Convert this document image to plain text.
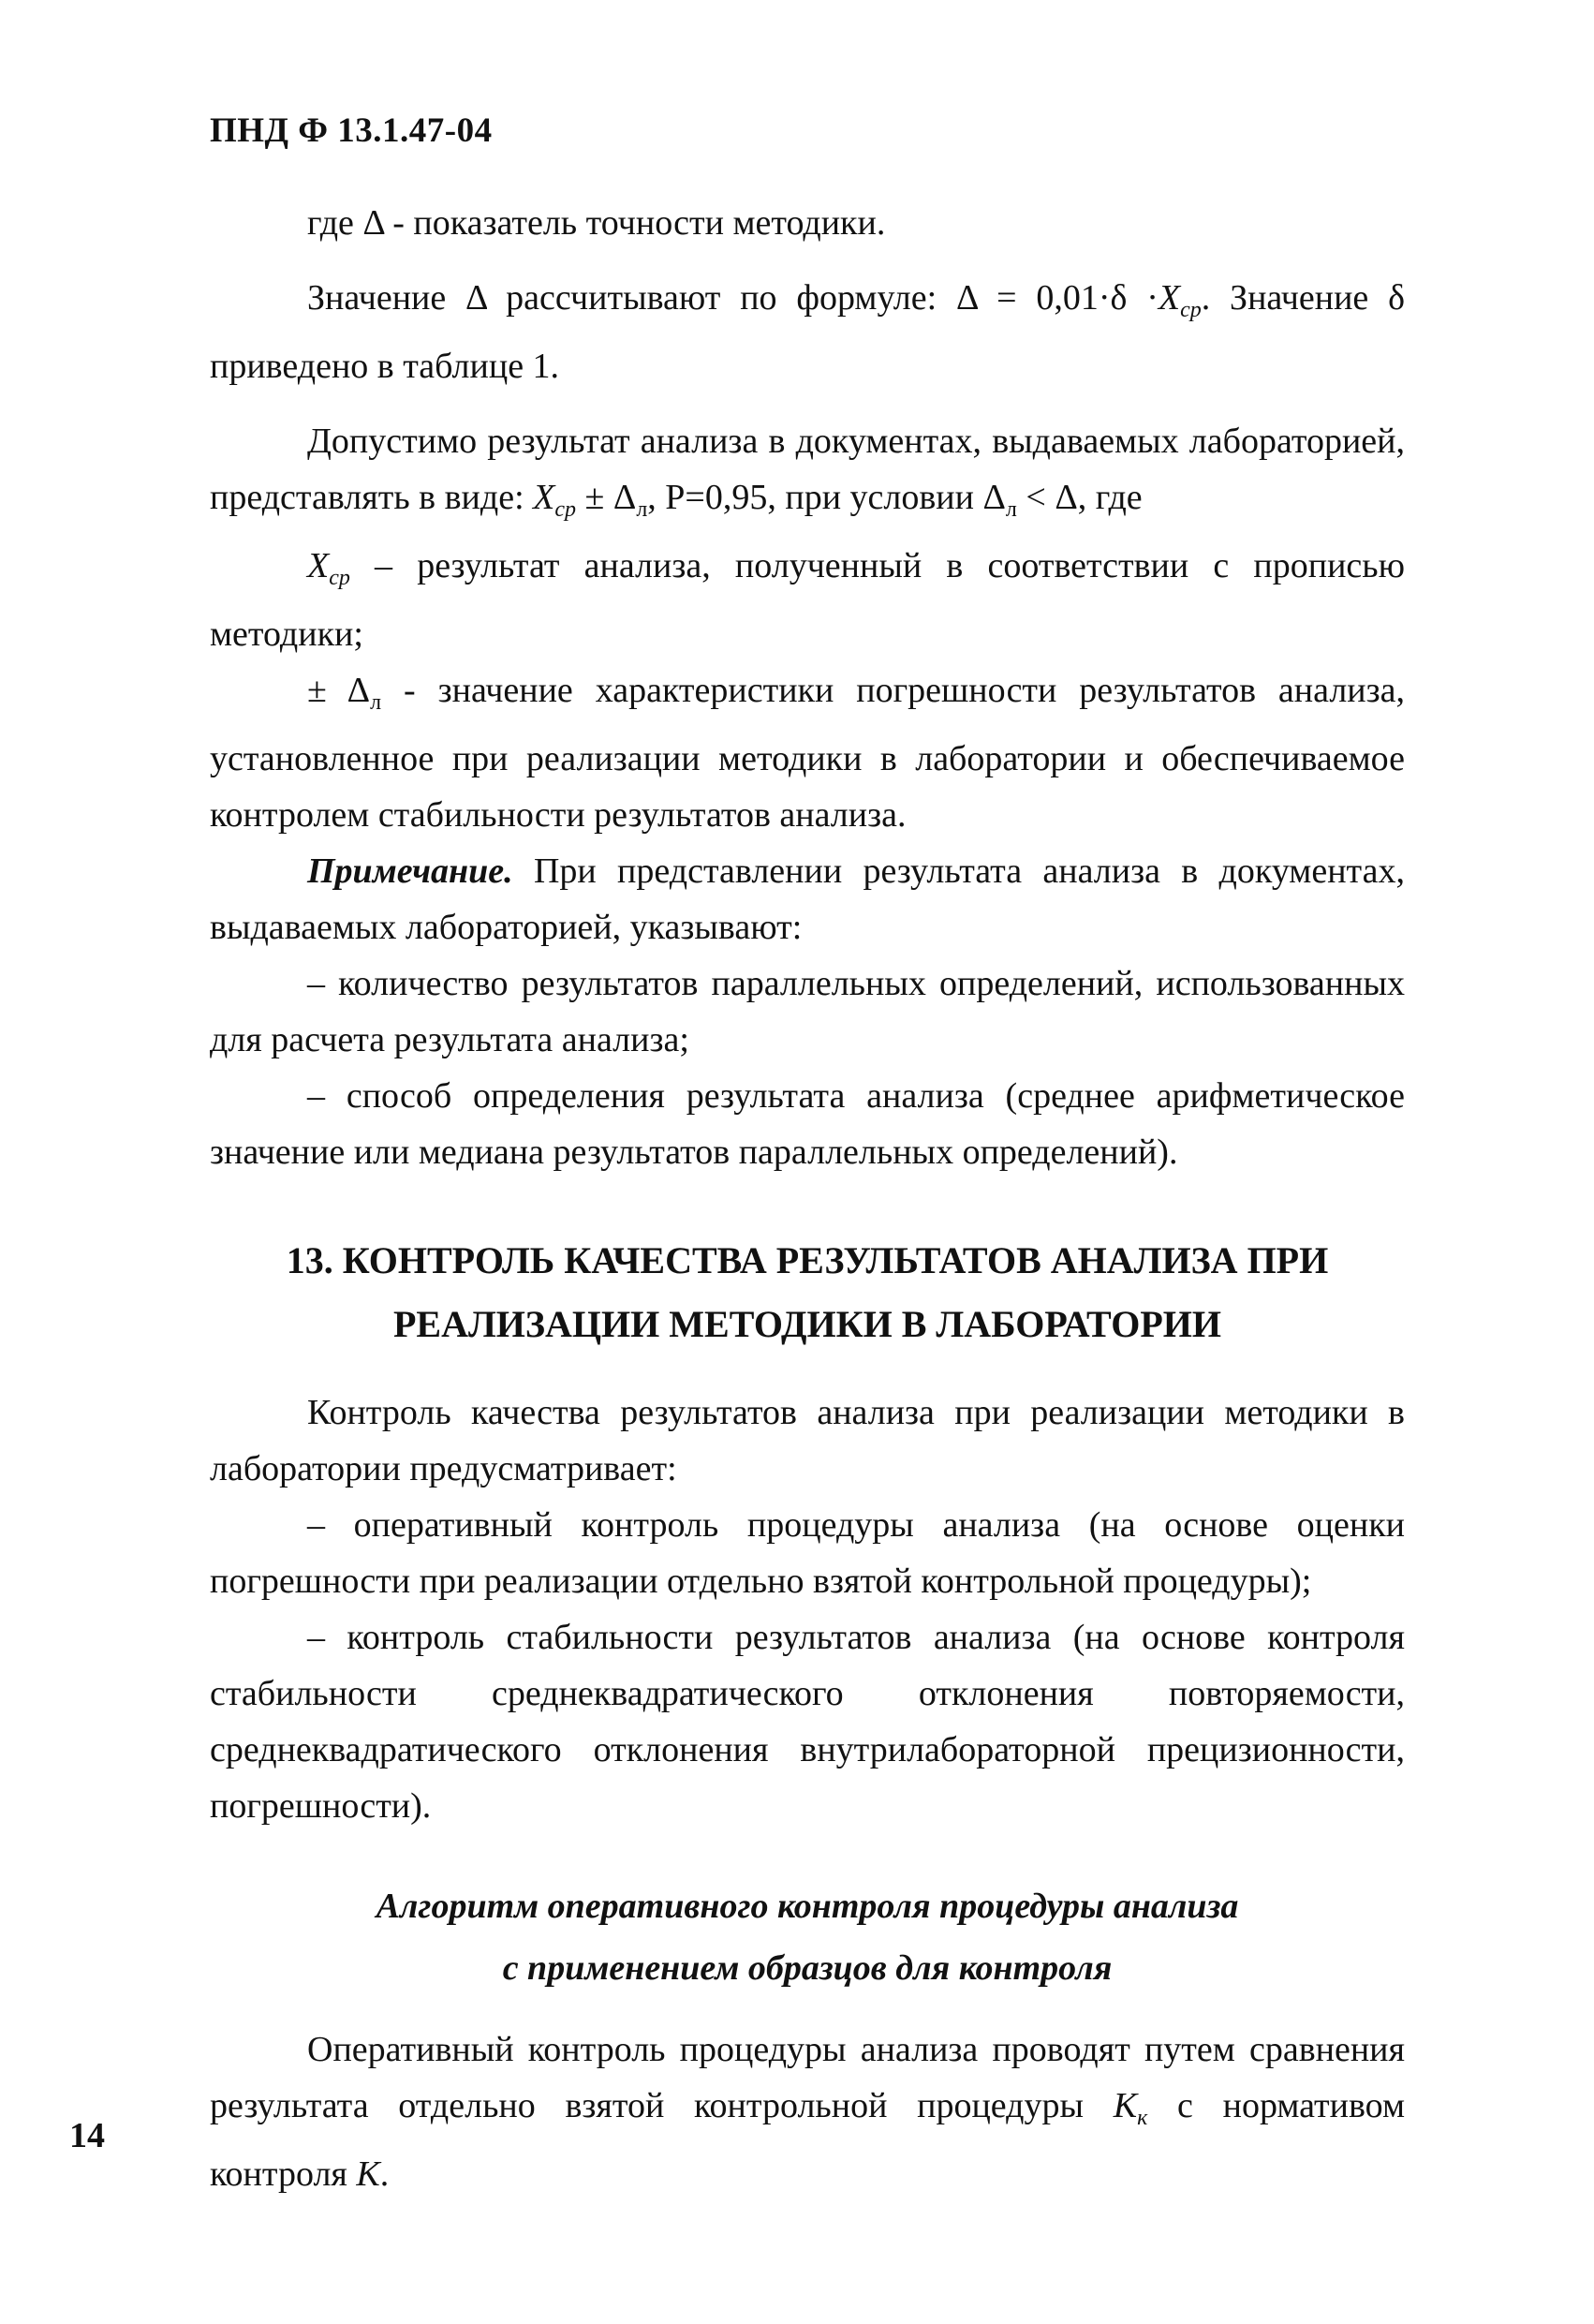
ПНД Ф 13.1.47-04

где Δ - показатель точности методики.

Значение Δ рассчитывают по формуле: $\Delta = 0,01\cdot\delta \cdot X_{ср}$. Значение δ приведено в таблице 1.

Допустимо результат анализа в документах, выдаваемых лабораторией, представлять в виде: $X_{ср} \pm \Delta_л$, P=0,95, при условии $\Delta_л < \Delta$, где

$X_{ср}$ – результат анализа, полученный в соответствии с прописью методики;

± $\Delta_л$ - значение характеристики погрешности результатов анализа, установленное при реализации методики в лаборатории и обеспечиваемое контролем стабильности результатов анализа.

Примечание. При представлении результата анализа в документах, выдаваемых лабораторией, указывают:

– количество результатов параллельных определений, использованных для расчета результата анализа;

– способ определения результата анализа (среднее арифметическое значение или медиана результатов параллельных определений).

13. КОНТРОЛЬ КАЧЕСТВА РЕЗУЛЬТАТОВ АНАЛИЗА ПРИ
РЕАЛИЗАЦИИ МЕТОДИКИ В ЛАБОРАТОРИИ

Контроль качества результатов анализа при реализации методики в лаборатории предусматривает:

– оперативный контроль процедуры анализа (на основе оценки погрешности при реализации отдельно взятой контрольной процедуры);

– контроль стабильности результатов анализа (на основе контроля стабильности среднеквадратического отклонения повторяемости, среднеквадратического отклонения внутрилабораторной прецизионности, погрешности).

Алгоритм оперативного контроля процедуры анализа
с применением образцов для контроля

Оперативный контроль процедуры анализа проводят путем сравнения результата отдельно взятой контрольной процедуры $K_к$ с нормативом контроля K.

14
